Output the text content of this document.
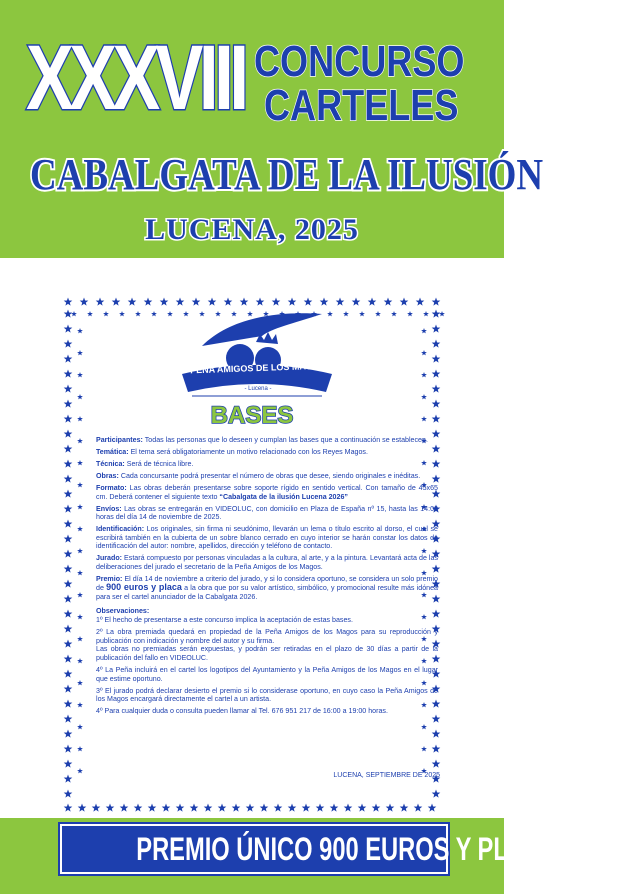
XXXVIII CONCURSO
CARTELES
CABALGATA DE LA ILUSIÓN
LUCENA, 2025
PEÑA AMIGOS DE LOS MAGOS
- Lucena -
BASES

Participantes: Todas las personas que lo deseen y cumplan las bases que a continuación se establecen.

Temática: El tema será obligatoriamente un motivo relacionado con los Reyes Magos.

Técnica: Será de técnica libre.

Obras: Cada concursante podrá presentar el número de obras que desee, siendo originales e inéditas.

Formato: Las obras deberán presentarse sobre soporte rígido en sentido vertical. Con tamaño de 45x65 cm. Deberá contener el siguiente texto “Cabalgata de la ilusión Lucena 2026”

Envíos: Las obras se entregarán en VIDEOLUC, con domicilio en Plaza de España nº 15, hasta las 14:00 horas del día 14 de noviembre de 2025.

Identificación: Los originales, sin firma ni seudónimo, llevarán un lema o título escrito al dorso, el cual se escribirá también en la cubierta de un sobre blanco cerrado en cuyo interior se harán constar los datos de identificación del autor: nombre, apellidos, dirección y teléfono de contacto.

Jurado: Estará compuesto por personas vinculadas a la cultura, al arte, y a la pintura. Levantará acta de las deliberaciones del jurado el secretario de la Peña Amigos de los Magos.

Premio: El día 14 de noviembre a criterio del jurado, y si lo considera oportuno, se considera un solo premio de 900 euros y placa a la obra que por su valor artístico, simbólico, y promocional resulte más idónea para ser el cartel anunciador de la Cabalgata 2026.

Observaciones:

1º El hecho de presentarse a este concurso implica la aceptación de estas bases.

2º La obra premiada quedará en propiedad de la Peña Amigos de los Magos para su reproducción y publicación con indicación y nombre del autor y su firma.

Las obras no premiadas serán expuestas, y podrán ser retiradas en el plazo de 30 días a partir de la publicación del fallo en VIDEOLUC.

4º La Peña incluirá en el cartel los logotipos del Ayuntamiento y la Peña Amigos de los Magos en el lugar que estime oportuno.

3º El jurado podrá declarar desierto el premio si lo considerase oportuno, en cuyo caso la Peña Amigos de los Magos encargará directamente el cartel a un artista.

4º Para cualquier duda o consulta pueden llamar al Tel. 676 951 217 de 16:00 a 19:00 horas.

LUCENA, SEPTIEMBRE DE 2025
PREMIO ÚNICO 900 EUROS Y PLACA
